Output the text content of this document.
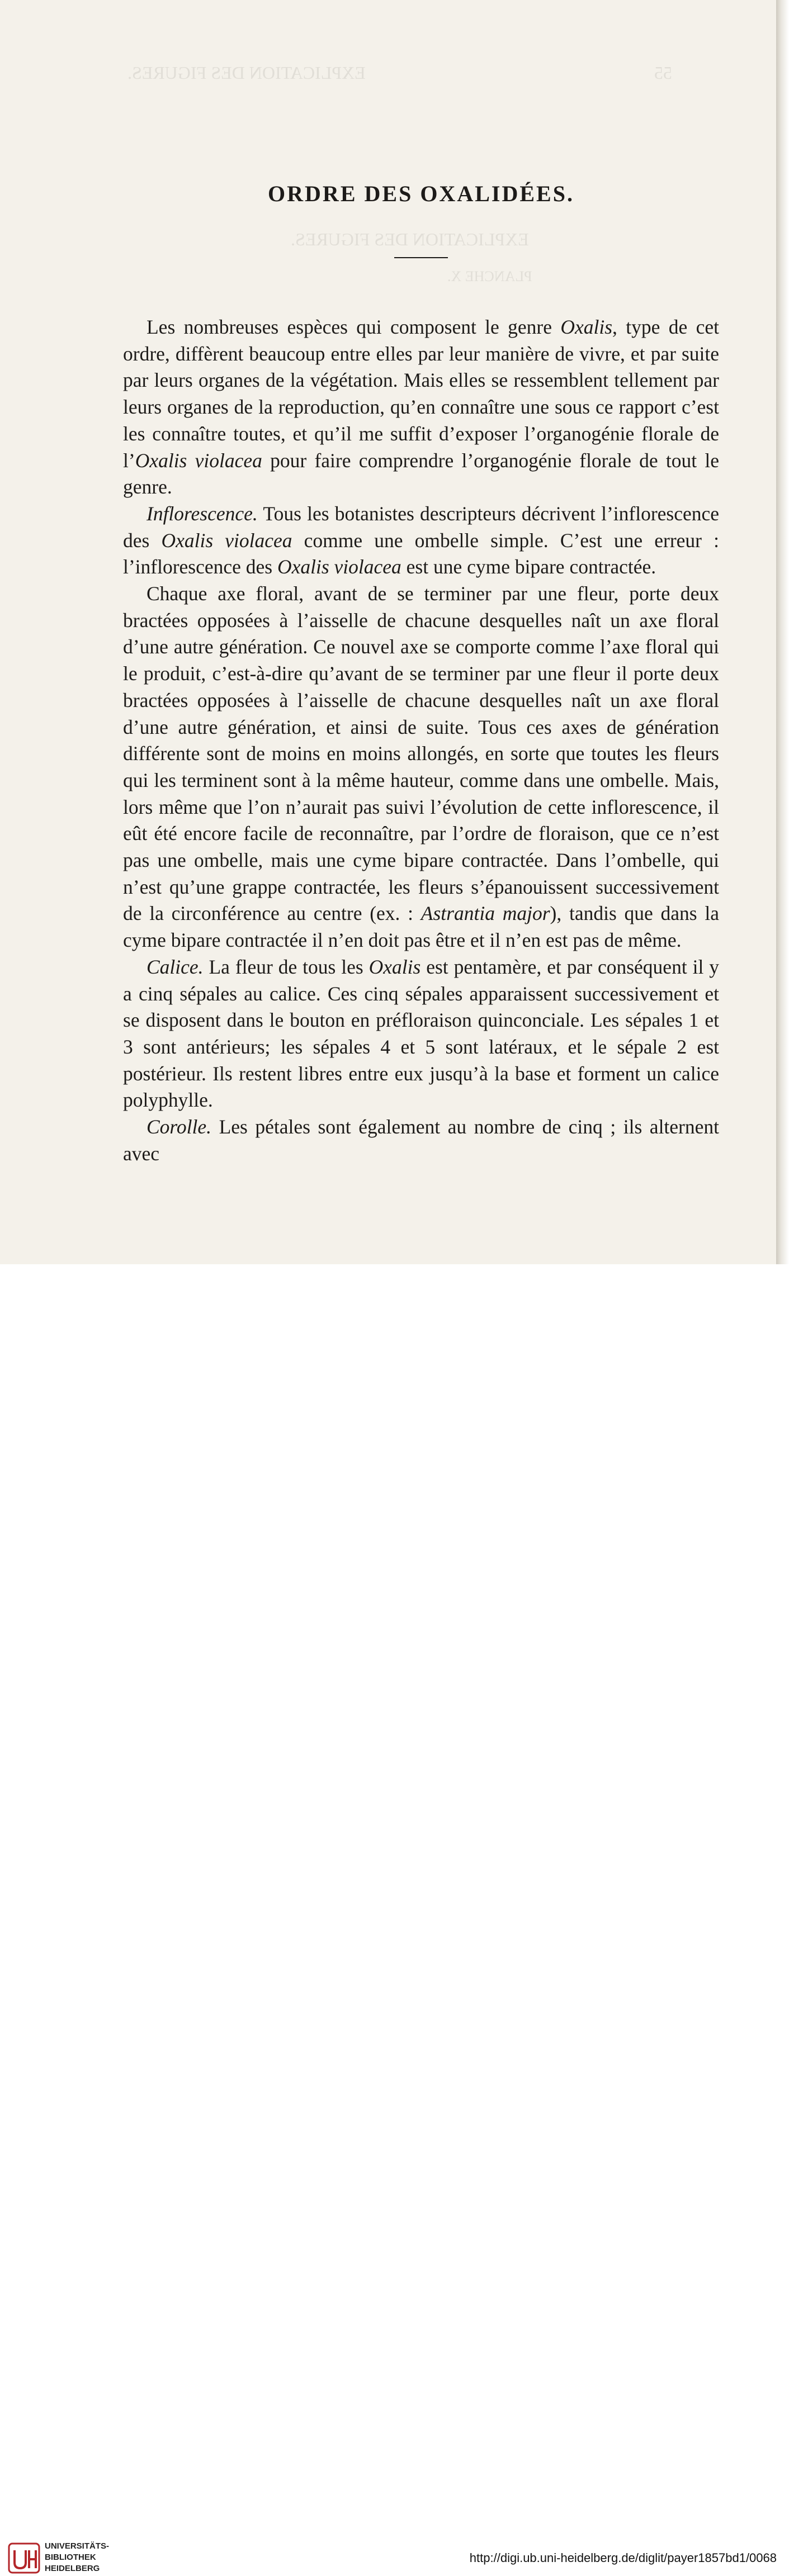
EXPLICATION DES FIGURES.	55
EXPLICATION DES FIGURES.
PLANCHE X.
ORDRE DES OXALIDÉES.

Les nombreuses espèces qui composent le genre Oxalis, type de cet ordre, diffèrent beaucoup entre elles par leur manière de vivre, et par suite par leurs organes de la végétation. Mais elles se ressemblent tellement par leurs organes de la reproduction, qu’en connaître une sous ce rapport c’est les connaître toutes, et qu’il me suffit d’exposer l’organogénie florale de l’Oxalis violacea pour faire comprendre l’organogénie florale de tout le genre.

Inflorescence. Tous les botanistes descripteurs décrivent l’inflorescence des Oxalis violacea comme une ombelle simple. C’est une erreur : l’inflorescence des Oxalis violacea est une cyme bipare contractée.

Chaque axe floral, avant de se terminer par une fleur, porte deux bractées opposées à l’aisselle de chacune desquelles naît un axe floral d’une autre génération. Ce nouvel axe se comporte comme l’axe floral qui le produit, c’est-à-dire qu’avant de se terminer par une fleur il porte deux bractées opposées à l’aisselle de chacune desquelles naît un axe floral d’une autre génération, et ainsi de suite. Tous ces axes de génération différente sont de moins en moins allongés, en sorte que toutes les fleurs qui les terminent sont à la même hauteur, comme dans une ombelle. Mais, lors même que l’on n’aurait pas suivi l’évolution de cette inflorescence, il eût été encore facile de reconnaître, par l’ordre de floraison, que ce n’est pas une ombelle, mais une cyme bipare contractée. Dans l’ombelle, qui n’est qu’une grappe contractée, les fleurs s’épanouissent successivement de la circonférence au centre (ex. : Astrantia major), tandis que dans la cyme bipare contractée il n’en doit pas être et il n’en est pas de même.

Calice. La fleur de tous les Oxalis est pentamère, et par conséquent il y a cinq sépales au calice. Ces cinq sépales apparaissent successivement et se disposent dans le bouton en préfloraison quinconciale. Les sépales 1 et 3 sont antérieurs; les sépales 4 et 5 sont latéraux, et le sépale 2 est postérieur. Ils restent libres entre eux jusqu’à la base et forment un calice polyphylle.

Corolle. Les pétales sont également au nombre de cinq ; ils alternent avec

UNIVERSITÄTS-
BIBLIOTHEK
HEIDELBERG
http://digi.ub.uni-heidelberg.de/diglit/payer1857bd1/0068
